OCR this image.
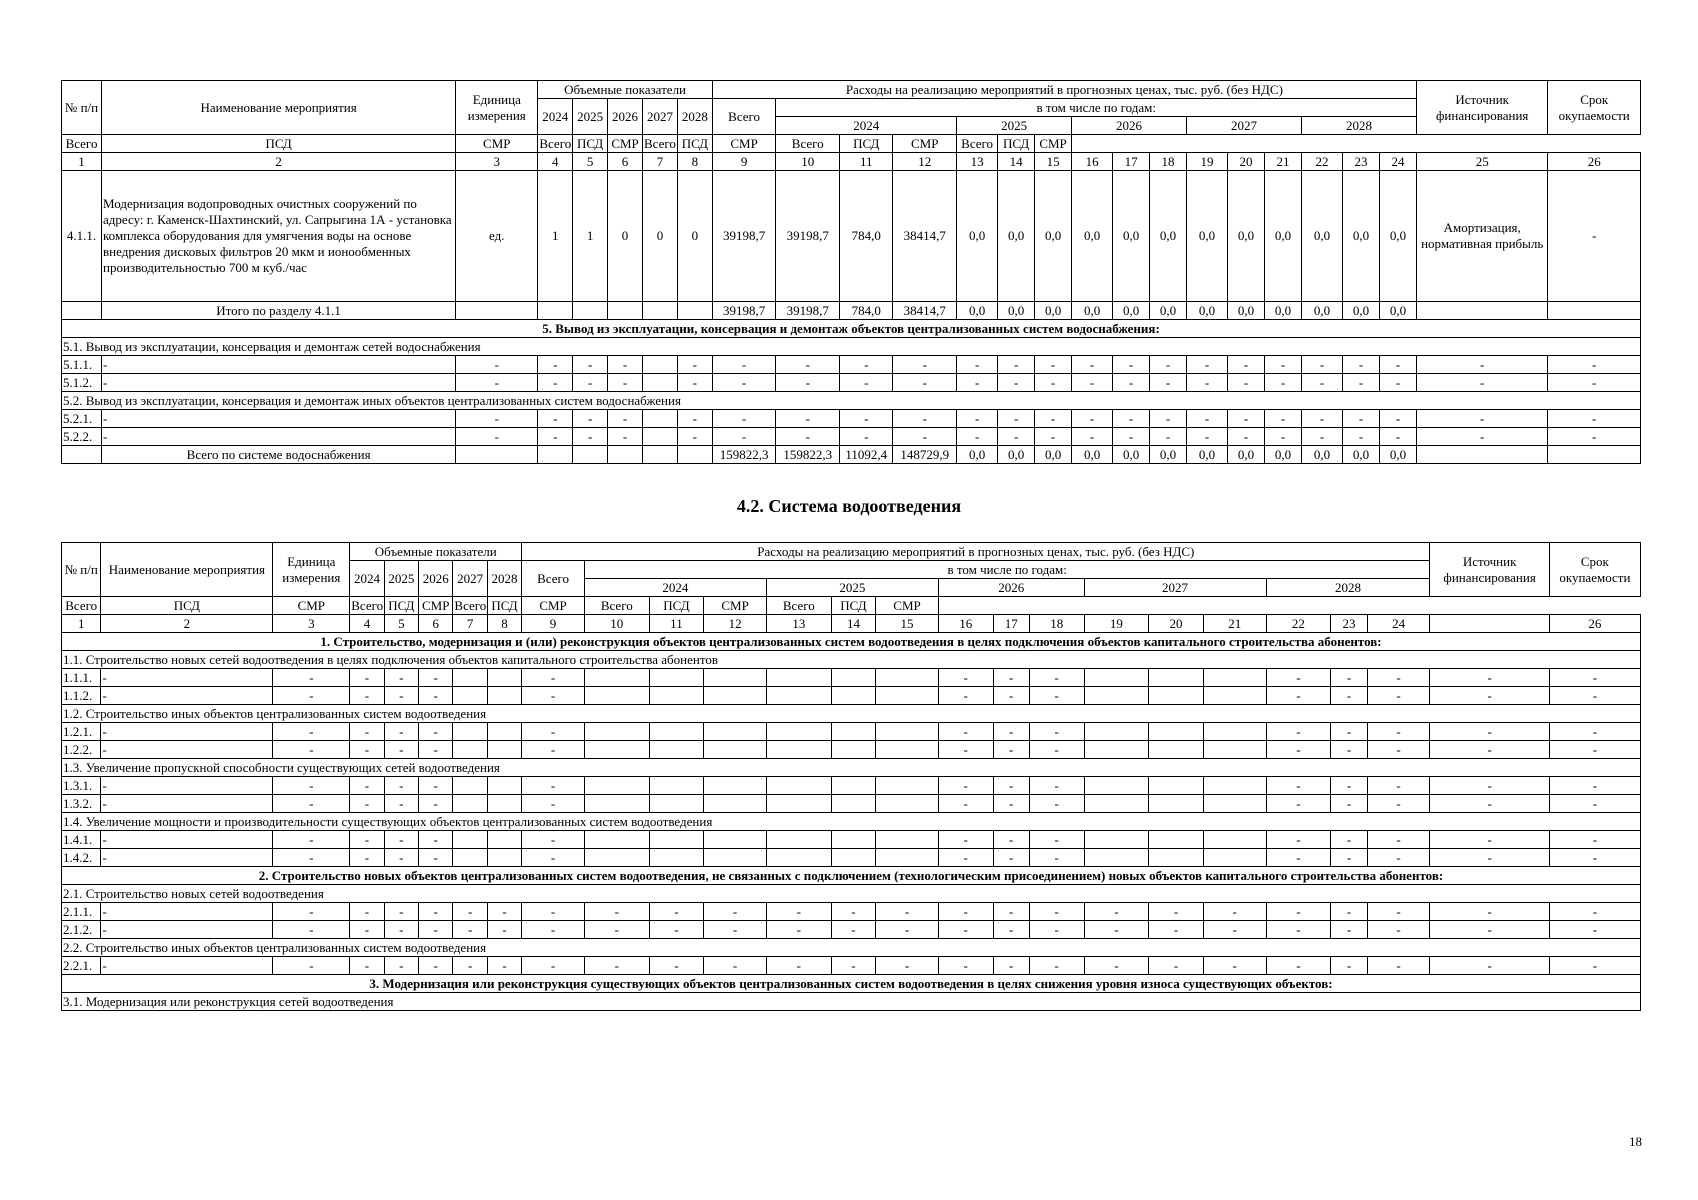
№ п/п	Наименование мероприятия	Единица измерения	Объемные показатели					Расходы на реализацию мероприятий в прогнозных ценах, тыс. руб. (без НДС)																Источник финансирования	Срок окупаемости
			2024	2025	2026	2027	2028	Всего	в том числе по годам:																
									2024			2025			2026			2027			2028				
Всего	ПСД	СМР	Всего	ПСД	СМР	Всего	ПСД	СМР	Всего	ПСД	СМР	Всего	ПСД	СМР											
1	2	3	4	5	6	7	8	9	10	11	12	13	14	15	16	17	18	19	20	21	22	23	24	25	26
4.1.1.	Модернизация водопроводных очистных сооружений по адресу: г. Каменск-Шахтинский, ул. Сапрыгина 1А - установка комплекса оборудования для умягчения воды на основе внедрения дисковых фильтров 20 мкм и ионообменных производительностью 700 м куб./час	ед.	1	1	0	0	0	39198,7	39198,7	784,0	38414,7	0,0	0,0	0,0	0,0	0,0	0,0	0,0	0,0	0,0	0,0	0,0	0,0	Амортизация, нормативная прибыль	-
	Итого по разделу 4.1.1							39198,7	39198,7	784,0	38414,7	0,0	0,0	0,0	0,0	0,0	0,0	0,0	0,0	0,0	0,0	0,0	0,0		
5. Вывод из эксплуатации, консервация и демонтаж объектов централизованных систем водоснабжения:																									
5.1. Вывод из эксплуатации, консервация и демонтаж сетей водоснабжения																									
5.1.1.	-	-	-	-	-		-	-	-	-	-	-	-	-	-	-	-	-	-	-	-	-	-	-	-
5.1.2.	-	-	-	-	-		-	-	-	-	-	-	-	-	-	-	-	-	-	-	-	-	-	-	-
5.2. Вывод из эксплуатации, консервация и демонтаж иных объектов централизованных систем водоснабжения																									
5.2.1.	-	-	-	-	-		-	-	-	-	-	-	-	-	-	-	-	-	-	-	-	-	-	-	-
5.2.2.	-	-	-	-	-		-	-	-	-	-	-	-	-	-	-	-	-	-	-	-	-	-	-	-
	Всего по системе водоснабжения							159822,3	159822,3	11092,4	148729,9	0,0	0,0	0,0	0,0	0,0	0,0	0,0	0,0	0,0	0,0	0,0	0,0		
4.2. Система водоотведения
№ п/п	Наименование мероприятия	Единица измерения	Объемные показатели					Расходы на реализацию мероприятий в прогнозных ценах, тыс. руб. (без НДС)																Источник финансирования	Срок окупаемости
			2024	2025	2026	2027	2028	Всего	в том числе по годам:																
									2024			2025			2026			2027			2028				
Всего	ПСД	СМР	Всего	ПСД	СМР	Всего	ПСД	СМР	Всего	ПСД	СМР	Всего	ПСД	СМР											
1	2	3	4	5	6	7	8	9	10	11	12	13	14	15	16	17	18	19	20	21	22	23	24		26
1. Строительство, модернизация и (или) реконструкция объектов централизованных систем водоотведения в целях подключения объектов капитального строительства абонентов:																									
1.1. Строительство новых сетей водоотведения в целях подключения объектов капитального строительства абонентов																									
1.1.1.	-	-	-	-	-			-							-	-	-				-	-	-	-	-
1.1.2.	-	-	-	-	-			-							-	-	-				-	-	-	-	-
1.2. Строительство иных объектов централизованных систем водоотведения																									
1.2.1.	-	-	-	-	-			-							-	-	-				-	-	-	-	-
1.2.2.	-	-	-	-	-			-							-	-	-				-	-	-	-	-
1.3. Увеличение пропускной способности существующих сетей водоотведения																									
1.3.1.	-	-	-	-	-			-							-	-	-				-	-	-	-	-
1.3.2.	-	-	-	-	-			-							-	-	-				-	-	-	-	-
1.4. Увеличение мощности и производительности существующих объектов централизованных систем водоотведения																									
1.4.1.	-	-	-	-	-			-							-	-	-				-	-	-	-	-
1.4.2.	-	-	-	-	-			-							-	-	-				-	-	-	-	-
2. Строительство новых объектов централизованных систем водоотведения, не связанных с подключением (технологическим присоединением) новых объектов капитального строительства абонентов:																									
2.1. Строительство новых сетей водоотведения																									
2.1.1.	-	-	-	-	-	-	-	-	-	-	-	-	-	-	-	-	-	-	-	-	-	-	-	-	-
2.1.2.	-	-	-	-	-	-	-	-	-	-	-	-	-	-	-	-	-	-	-	-	-	-	-	-	-
2.2. Строительство иных объектов централизованных систем водоотведения																									
2.2.1.	-	-	-	-	-	-	-	-	-	-	-	-	-	-	-	-	-	-	-	-	-	-	-	-	-
3. Модернизация или реконструкция существующих объектов централизованных систем водоотведения в целях снижения уровня износа существующих объектов:																									
3.1. Модернизация или реконструкция сетей водоотведения																									
18
